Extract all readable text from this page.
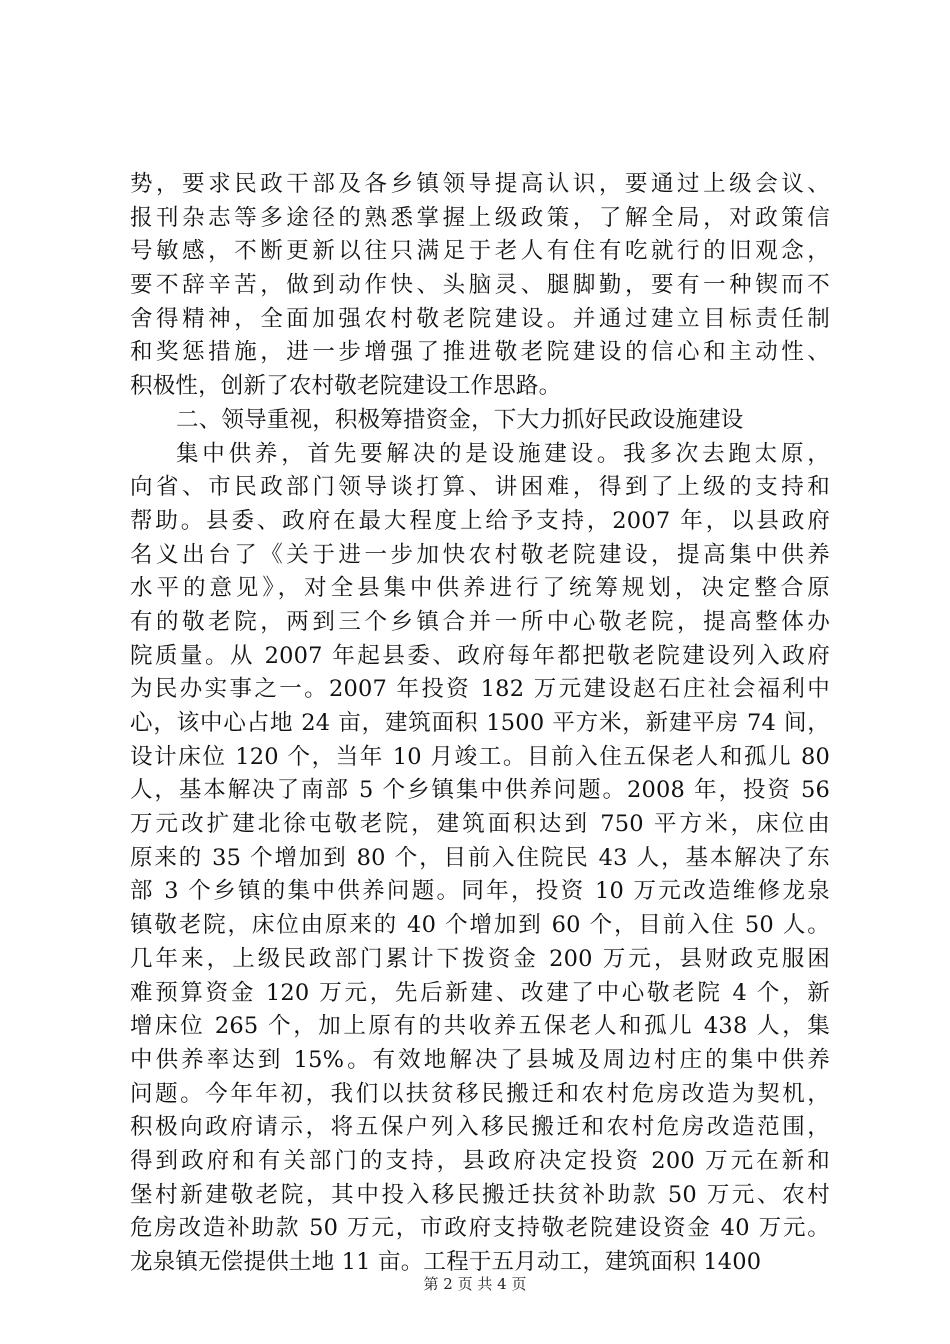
势，要求民政干部及各乡镇领导提高认识，要通过上级会议、
报刊杂志等多途径的熟悉掌握上级政策，了解全局，对政策信
号敏感，不断更新以往只满足于老人有住有吃就行的旧观念，
要不辞辛苦，做到动作快、头脑灵、腿脚勤，要有一种锲而不
舍得精神，全面加强农村敬老院建设。并通过建立目标责任制
和奖惩措施，进一步增强了推进敬老院建设的信心和主动性、
积极性，创新了农村敬老院建设工作思路。
二、领导重视，积极筹措资金，下大力抓好民政设施建设
集中供养，首先要解决的是设施建设。我多次去跑太原，
向省、市民政部门领导谈打算、讲困难，得到了上级的支持和
帮助。县委、政府在最大程度上给予支持，2007 年，以县政府
名义出台了《关于进一步加快农村敬老院建设，提高集中供养
水平的意见》，对全县集中供养进行了统筹规划，决定整合原
有的敬老院，两到三个乡镇合并一所中心敬老院，提高整体办
院质量。从 2007 年起县委、政府每年都把敬老院建设列入政府
为民办实事之一。2007 年投资 182 万元建设赵石庄社会福利中
心，该中心占地 24 亩，建筑面积 1500 平方米，新建平房 74 间，
设计床位 120 个，当年 10 月竣工。目前入住五保老人和孤儿 80
人，基本解决了南部 5 个乡镇集中供养问题。2008 年，投资 56
万元改扩建北徐屯敬老院，建筑面积达到 750 平方米，床位由
原来的 35 个增加到 80 个，目前入住院民 43 人，基本解决了东
部 3 个乡镇的集中供养问题。同年，投资 10 万元改造维修龙泉
镇敬老院，床位由原来的 40 个增加到 60 个，目前入住 50 人。
几年来，上级民政部门累计下拨资金 200 万元，县财政克服困
难预算资金 120 万元，先后新建、改建了中心敬老院 4 个，新
增床位 265 个，加上原有的共收养五保老人和孤儿 438 人，集
中供养率达到 15%。有效地解决了县城及周边村庄的集中供养
问题。今年年初，我们以扶贫移民搬迁和农村危房改造为契机，
积极向政府请示，将五保户列入移民搬迁和农村危房改造范围，
得到政府和有关部门的支持，县政府决定投资 200 万元在新和
堡村新建敬老院，其中投入移民搬迁扶贫补助款 50 万元、农村
危房改造补助款 50 万元，市政府支持敬老院建设资金 40 万元。
龙泉镇无偿提供土地 11 亩。工程于五月动工，建筑面积 1400
第 2 页 共 4 页
